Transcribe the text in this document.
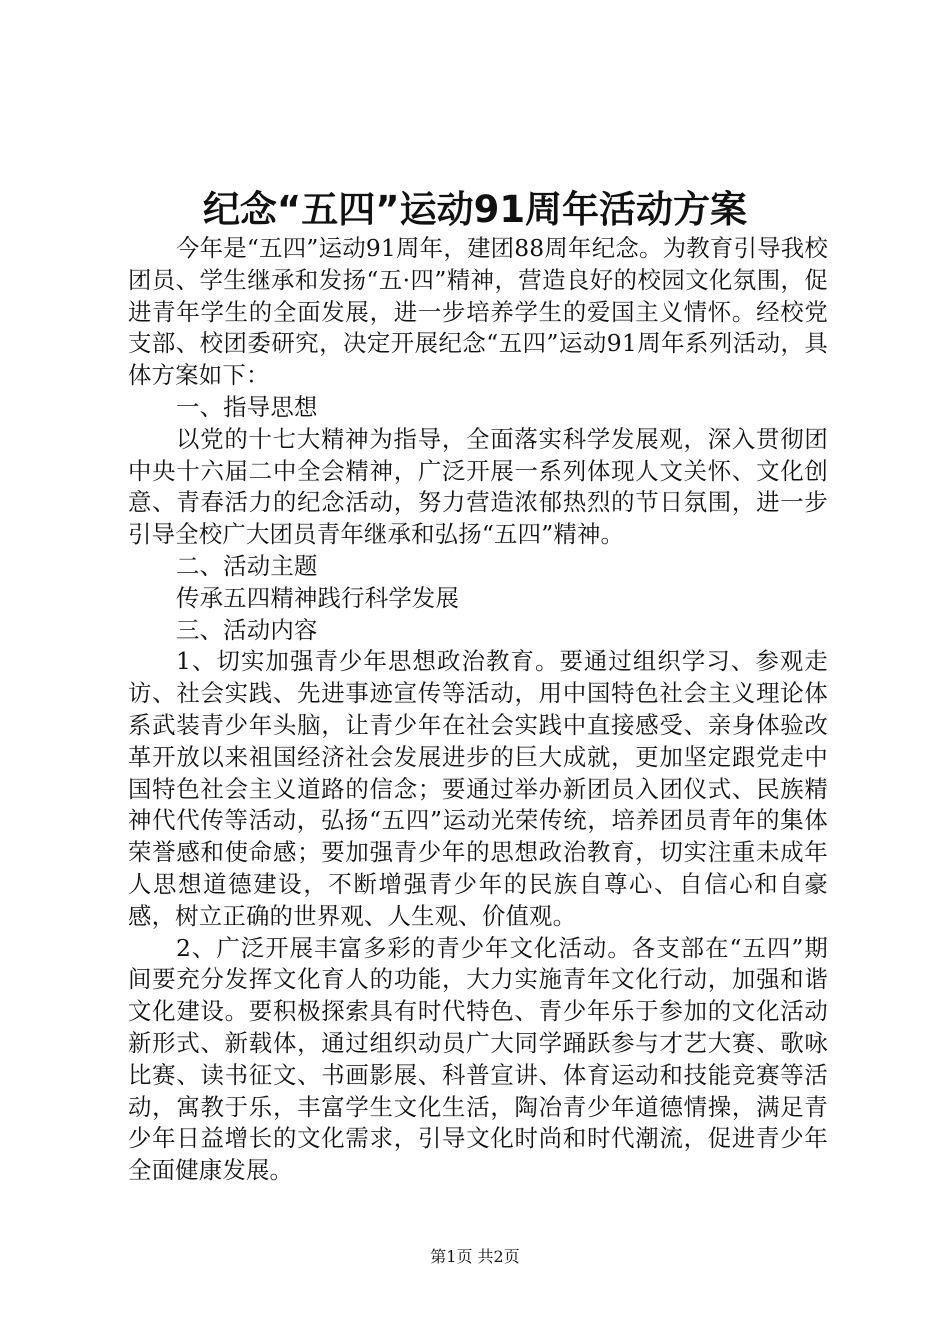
纪念“五四”运动91周年活动方案

今年是“五四”运动91周年，建团88周年纪念。为教育引导我校团员、学生继承和发扬“五·四”精神，营造良好的校园文化氛围，促进青年学生的全面发展，进一步培养学生的爱国主义情怀。经校党支部、校团委研究，决定开展纪念“五四”运动91周年系列活动，具体方案如下：

一、指导思想

以党的十七大精神为指导，全面落实科学发展观，深入贯彻团中央十六届二中全会精神，广泛开展一系列体现人文关怀、文化创意、青春活力的纪念活动，努力营造浓郁热烈的节日氛围，进一步引导全校广大团员青年继承和弘扬“五四”精神。

二、活动主题

传承五四精神践行科学发展

三、活动内容

1、切实加强青少年思想政治教育。要通过组织学习、参观走访、社会实践、先进事迹宣传等活动，用中国特色社会主义理论体系武装青少年头脑，让青少年在社会实践中直接感受、亲身体验改革开放以来祖国经济社会发展进步的巨大成就，更加坚定跟党走中国特色社会主义道路的信念；要通过举办新团员入团仪式、民族精神代代传等活动，弘扬“五四”运动光荣传统，培养团员青年的集体荣誉感和使命感；要加强青少年的思想政治教育，切实注重未成年人思想道德建设，不断增强青少年的民族自尊心、自信心和自豪感，树立正确的世界观、人生观、价值观。

2、广泛开展丰富多彩的青少年文化活动。各支部在“五四”期间要充分发挥文化育人的功能，大力实施青年文化行动，加强和谐文化建设。要积极探索具有时代特色、青少年乐于参加的文化活动新形式、新载体，通过组织动员广大同学踊跃参与才艺大赛、歌咏比赛、读书征文、书画影展、科普宣讲、体育运动和技能竞赛等活动，寓教于乐，丰富学生文化生活，陶冶青少年道德情操，满足青少年日益增长的文化需求，引导文化时尚和时代潮流，促进青少年全面健康发展。

第1页 共2页
